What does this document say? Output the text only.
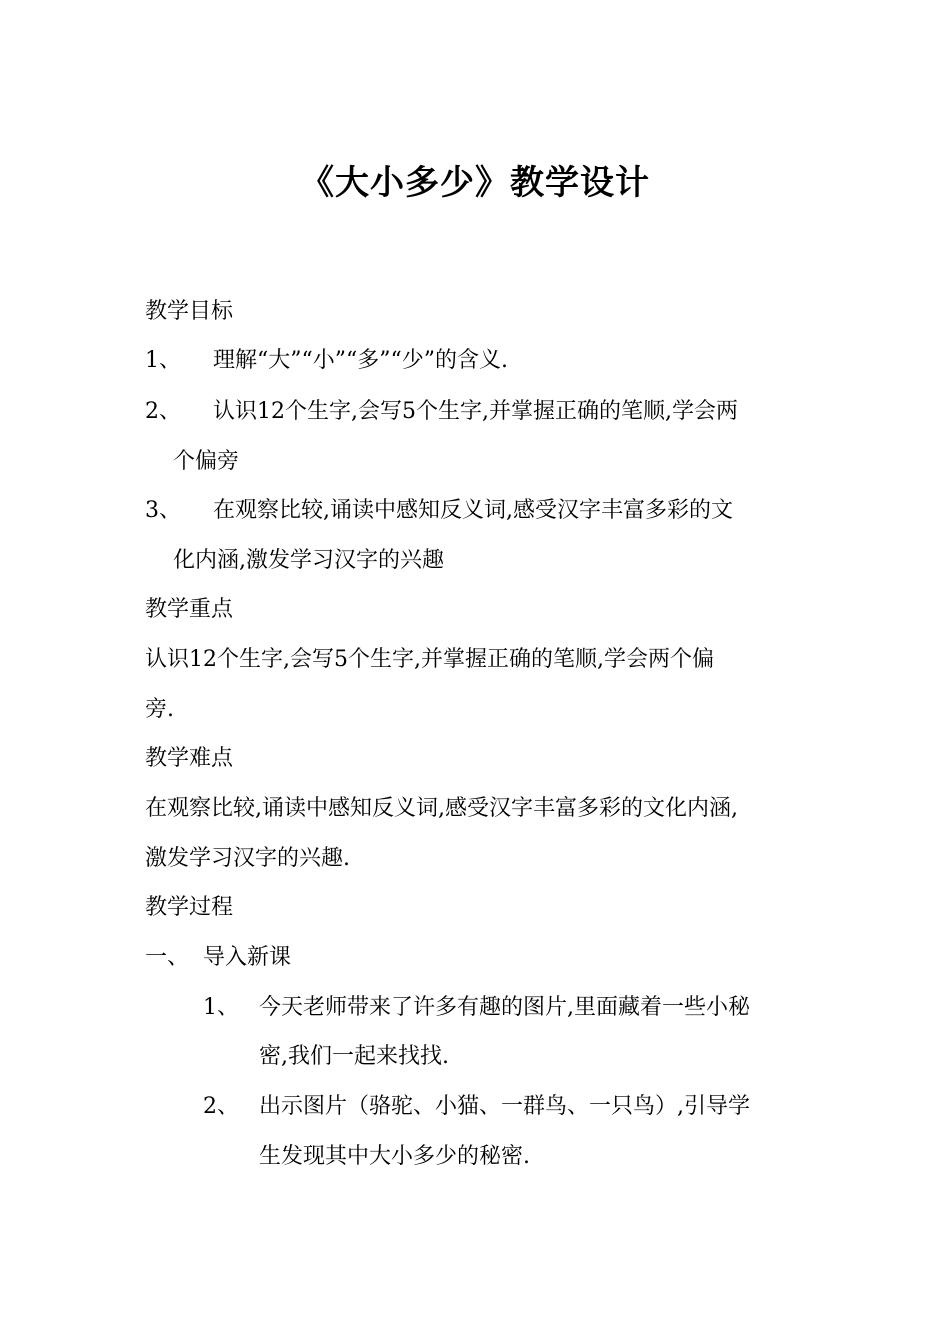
《大小多少》教学设计
教学目标
1、 理解“大”“小”“多”“少”的含义.
2、 认识12个生字,会写5个生字,并掌握正确的笔顺,学会两
个偏旁
3、 在观察比较,诵读中感知反义词,感受汉字丰富多彩的文
化内涵,激发学习汉字的兴趣
教学重点
认识12个生字,会写5个生字,并掌握正确的笔顺,学会两个偏
旁.
教学难点
在观察比较,诵读中感知反义词,感受汉字丰富多彩的文化内涵,
激发学习汉字的兴趣.
教学过程
一、 导入新课
1、 今天老师带来了许多有趣的图片,里面藏着一些小秘
密,我们一起来找找.
2、 出示图片（骆驼、小猫、一群鸟、一只鸟）,引导学
生发现其中大小多少的秘密.
